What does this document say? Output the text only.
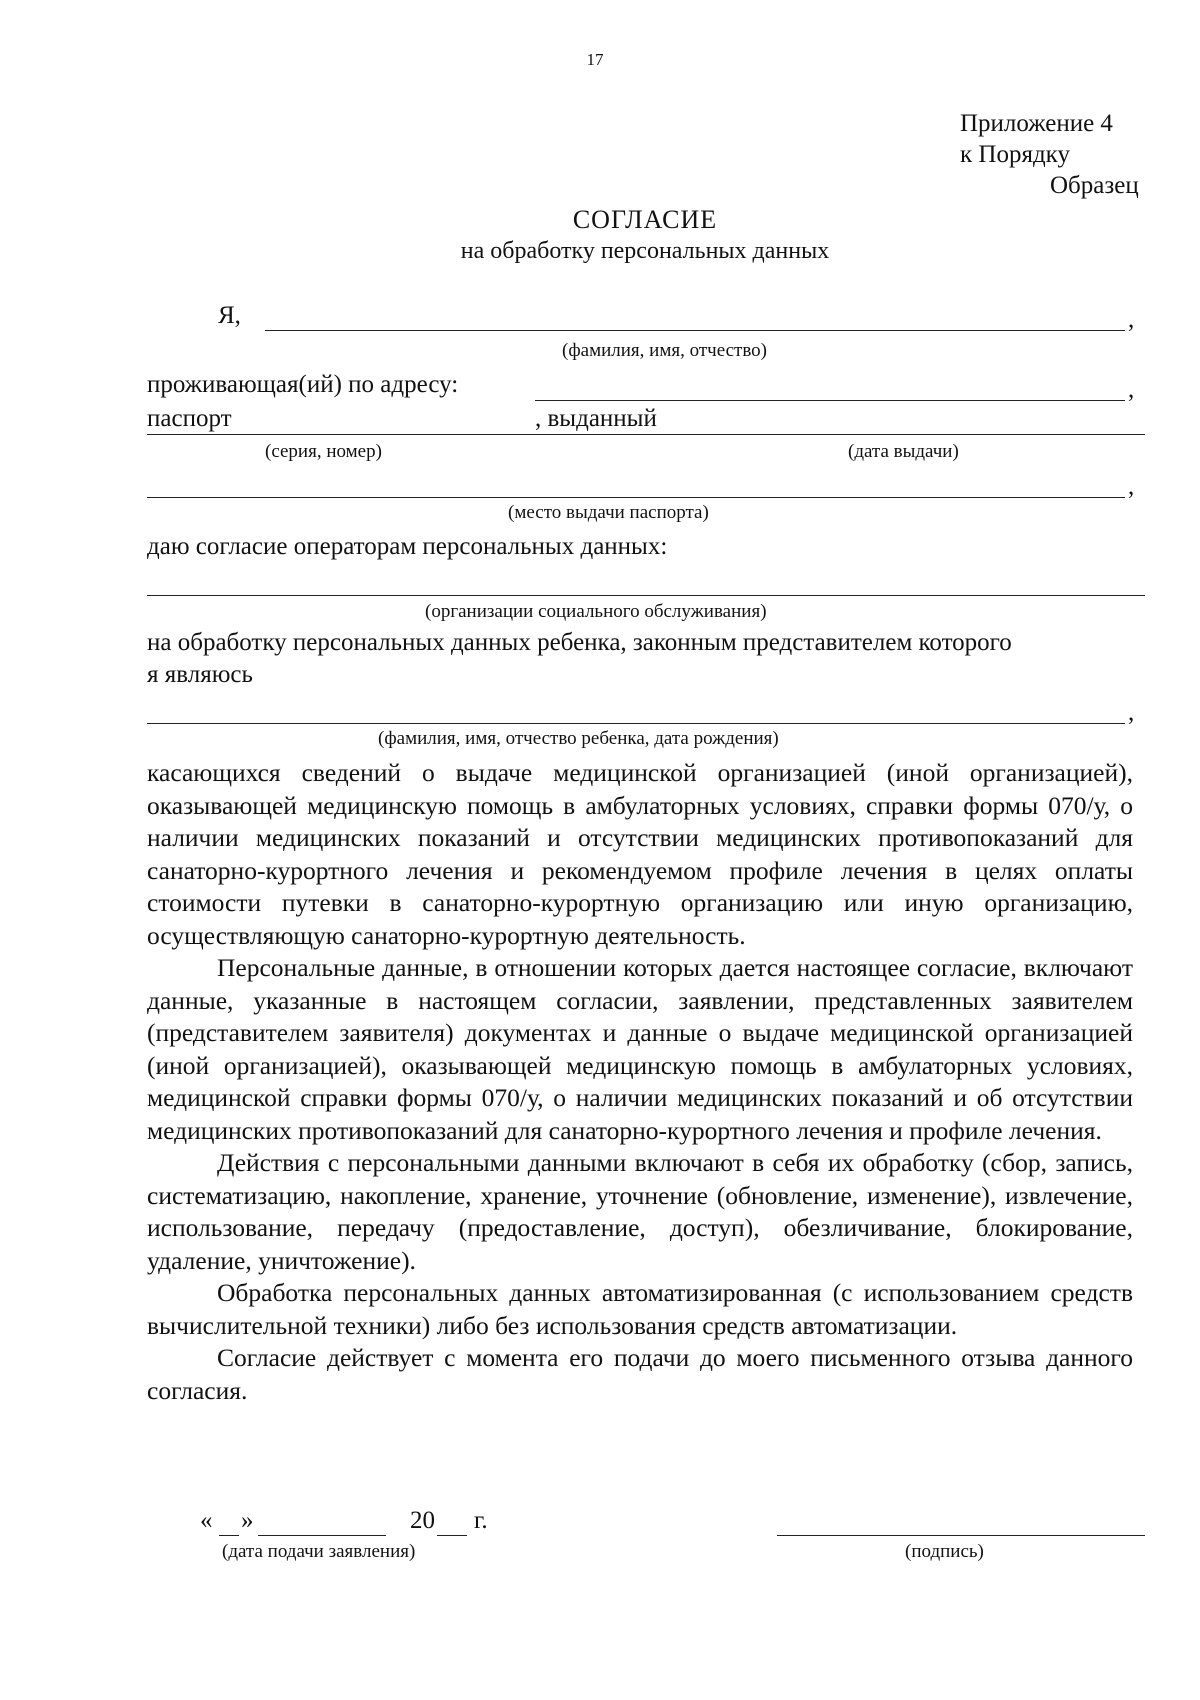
17
Приложение 4
к Порядку
Образец
СОГЛАСИЕ
на обработку персональных данных
Я,	,
(фамилия, имя, отчество)
проживающая(ий) по адресу:	,
паспорт	, выданный
(серия, номер)	(дата выдачи)
,
(место выдачи паспорта)
даю согласие операторам персональных данных:
(организации социального обслуживания)
на обработку персональных данных ребенка, законным представителем которого
я являюсь
,
(фамилия, имя, отчество ребенка, дата рождения)

касающихся сведений о выдаче медицинской организацией (иной организацией), оказывающей медицинскую помощь в амбулаторных условиях, справки формы 070/у, о наличии медицинских показаний и отсутствии медицинских противопоказаний для санаторно-курортного лечения и рекомендуемом профиле лечения в целях оплаты стоимости путевки в санаторно-курортную организацию или иную организацию, осуществляющую санаторно-курортную деятельность.

Персональные данные, в отношении которых дается настоящее согласие, включают данные, указанные в настоящем согласии, заявлении, представленных заявителем (представителем заявителя) документах и данные о выдаче медицинской организацией (иной организацией), оказывающей медицинскую помощь в амбулаторных условиях, медицинской справки формы 070/у, о наличии медицинских показаний и об отсутствии медицинских противопоказаний для санаторно-курортного лечения и профиле лечения.

Действия с персональными данными включают в себя их обработку (сбор, запись, систематизацию, накопление, хранение, уточнение (обновление, изменение), извлечение, использование, передачу (предоставление, доступ), обезличивание, блокирование, удаление, уничтожение).

Обработка персональных данных автоматизированная (с использованием средств вычислительной техники) либо без использования средств автоматизации.

Согласие действует с момента его подачи до моего письменного отзыва данного согласия.

« »	20 г.
(дата подачи заявления)	(подпись)
